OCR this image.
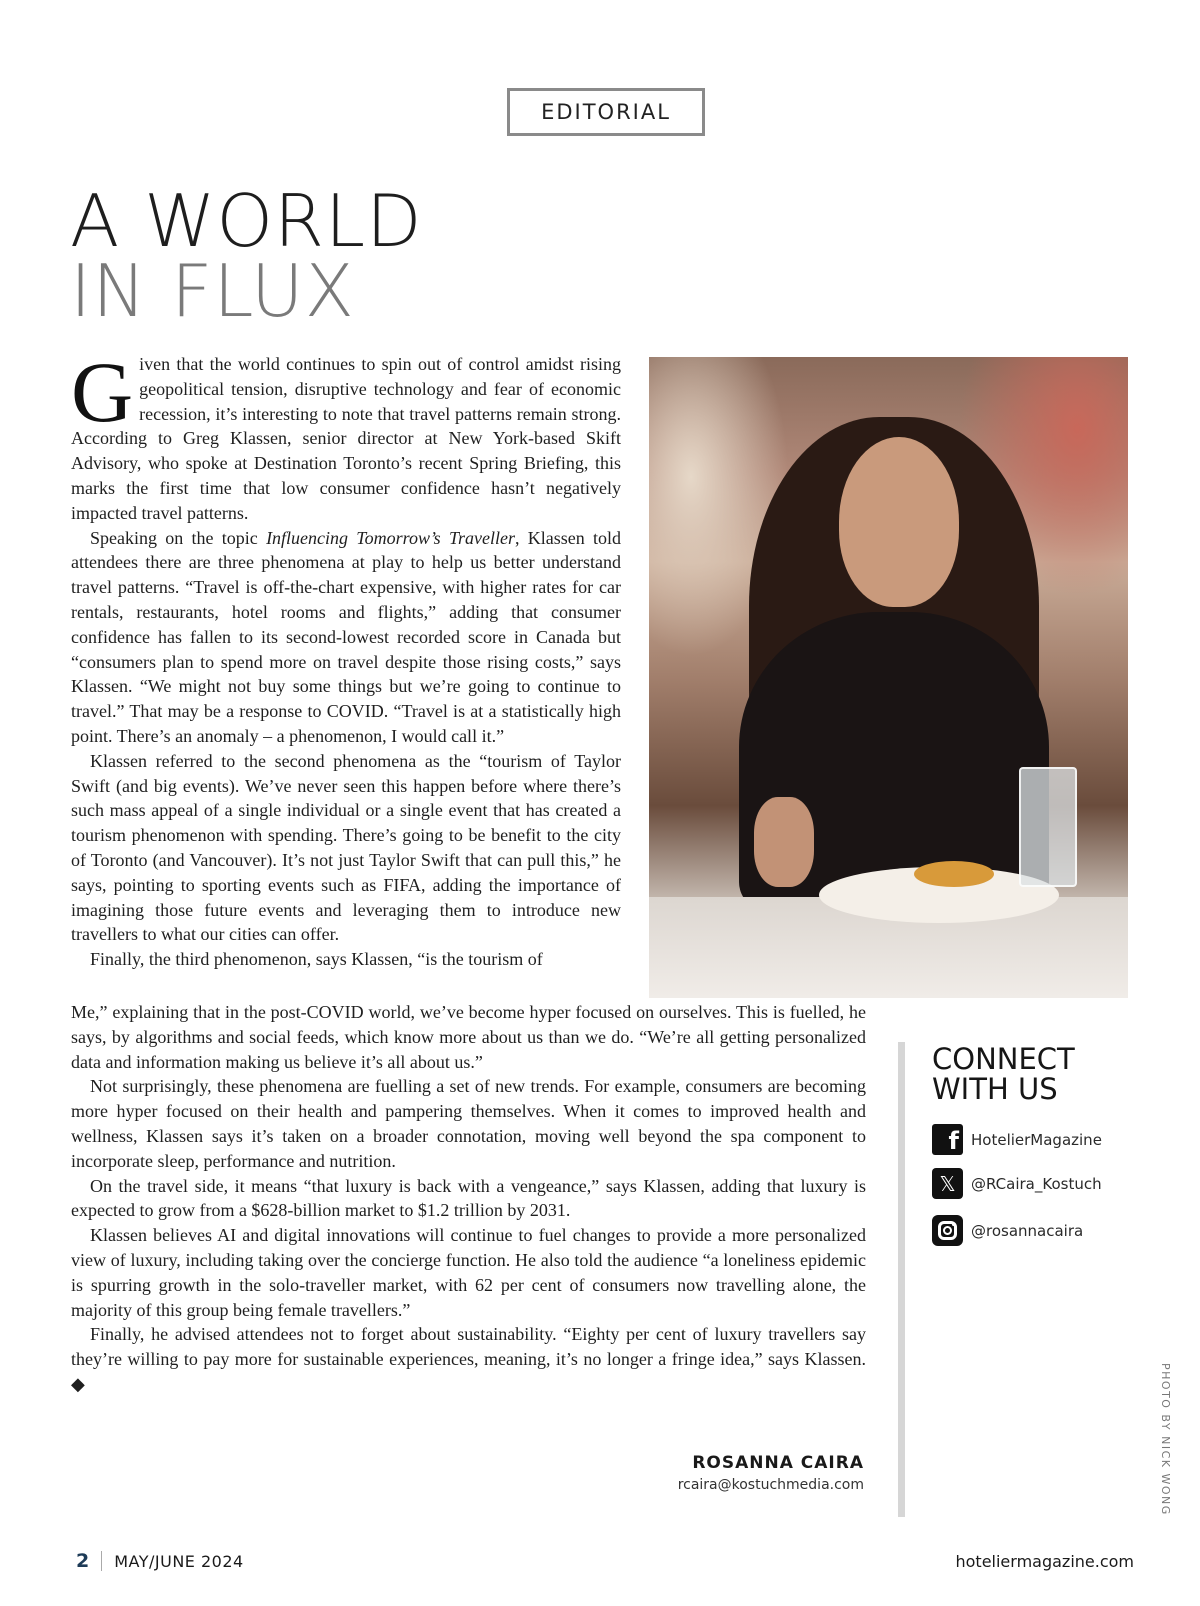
EDITORIAL
A WORLD
IN FLUX

Given that the world continues to spin out of control amidst rising geopolitical tension, disruptive technology and fear of economic recession, it’s interesting to note that travel patterns remain strong. According to Greg Klassen, senior director at New York-based Skift Advisory, who spoke at Destination Toronto’s recent Spring Briefing, this marks the first time that low consumer confidence hasn’t negatively impacted travel patterns.

Speaking on the topic Influencing Tomorrow’s Traveller, Klassen told attendees there are three phenomena at play to help us better understand travel patterns. “Travel is off-the-chart expensive, with higher rates for car rentals, restaurants, hotel rooms and flights,” adding that consumer confidence has fallen to its second-lowest recorded score in Canada but “consumers plan to spend more on travel despite those rising costs,” says Klassen. “We might not buy some things but we’re going to continue to travel.” That may be a response to COVID. “Travel is at a statistically high point. There’s an anomaly – a phenomenon, I would call it.”

Klassen referred to the second phenomena as the “tourism of Taylor Swift (and big events). We’ve never seen this happen before where there’s such mass appeal of a single individual or a single event that has created a tourism phenomenon with spending. There’s going to be benefit to the city of Toronto (and Vancouver). It’s not just Taylor Swift that can pull this,” he says, pointing to sporting events such as FIFA, adding the importance of imagining those future events and leveraging them to introduce new travellers to what our cities can offer.

Finally, the third phenomenon, says Klassen, “is the tourism of

Me,” explaining that in the post-COVID world, we’ve become hyper focused on ourselves. This is fuelled, he says, by algorithms and social feeds, which know more about us than we do. “We’re all getting personalized data and information making us believe it’s all about us.”

Not surprisingly, these phenomena are fuelling a set of new trends. For example, consumers are becoming more hyper focused on their health and pampering themselves. When it comes to improved health and wellness, Klassen says it’s taken on a broader connotation, moving well beyond the spa component to incorporate sleep, performance and nutrition.

On the travel side, it means “that luxury is back with a vengeance,” says Klassen, adding that luxury is expected to grow from a $628-billion market to $1.2 trillion by 2031.

Klassen believes AI and digital innovations will continue to fuel changes to provide a more personalized view of luxury, including taking over the concierge function. He also told the audience “a loneliness epidemic is spurring growth in the solo-traveller market, with 62 per cent of consumers now travelling alone, the majority of this group being female travellers.”

Finally, he advised attendees not to forget about sustainability. “Eighty per cent of luxury travellers say they’re willing to pay more for sustainable experiences, meaning, it’s no longer a fringe idea,” says Klassen. ◆

CONNECT
WITH US
f HotelierMagazine
𝕏	@RCaira_Kostuch
@rosannacaira
PHOTO BY NICK WONG
ROSANNA CAIRA
rcaira@kostuchmedia.com
2 MAY/JUNE 2024	hoteliermagazine.com
